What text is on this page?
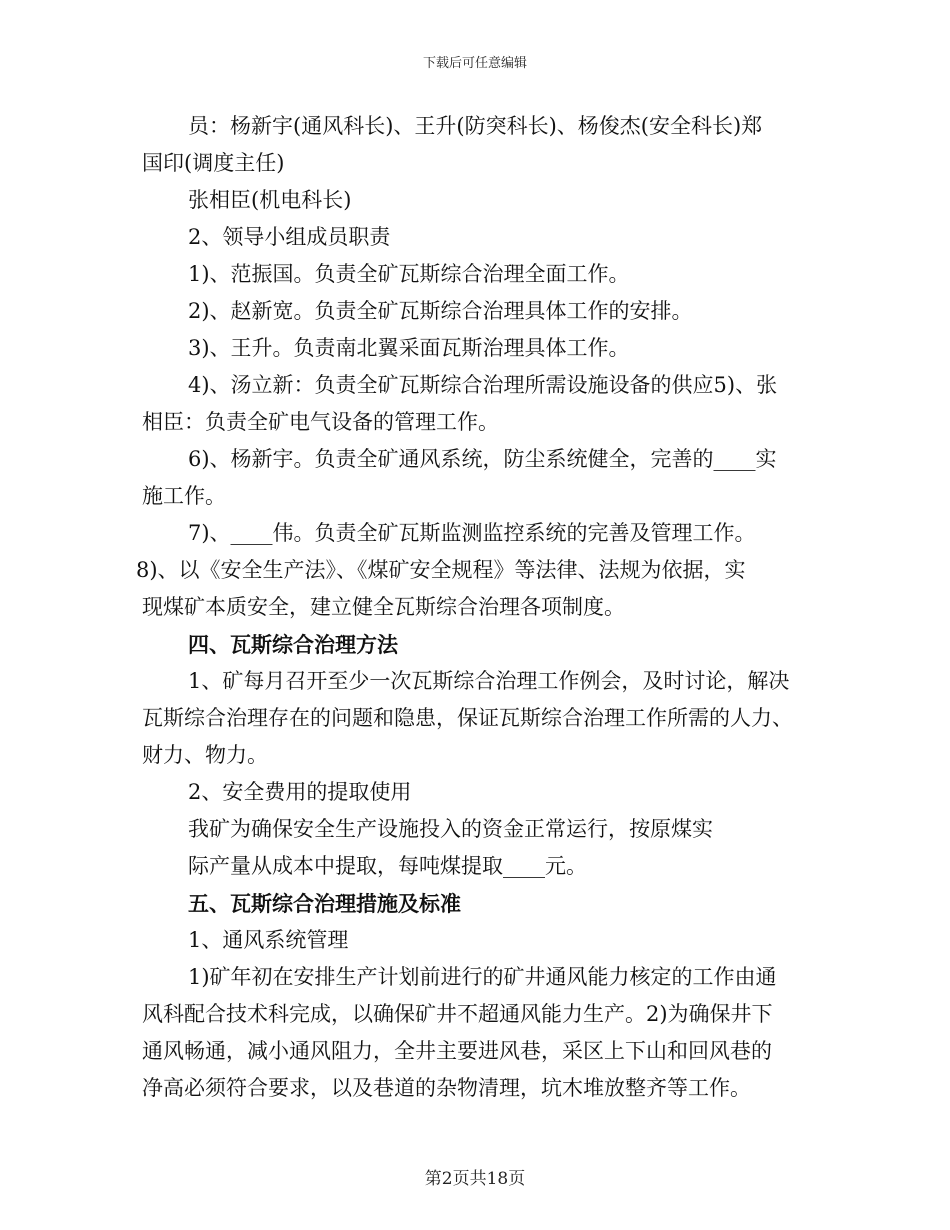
下载后可任意编辑

员：杨新宇(通风科长)、王升(防突科长)、杨俊杰(安全科长)郑

国印(调度主任)

张相臣(机电科长)

2、领导小组成员职责

1)、范振国。负责全矿瓦斯综合治理全面工作。

2)、赵新宽。负责全矿瓦斯综合治理具体工作的安排。

3)、王升。负责南北翼采面瓦斯治理具体工作。

4)、汤立新：负责全矿瓦斯综合治理所需设施设备的供应5)、张

相臣：负责全矿电气设备的管理工作。

6)、杨新宇。负责全矿通风系统，防尘系统健全，完善的____实

施工作。

7)、____伟。负责全矿瓦斯监测监控系统的完善及管理工作。

8)、以《安全生产法》、《煤矿安全规程》等法律、法规为依据，实

现煤矿本质安全，建立健全瓦斯综合治理各项制度。

四、瓦斯综合治理方法

1、矿每月召开至少一次瓦斯综合治理工作例会，及时讨论，解决

瓦斯综合治理存在的问题和隐患，保证瓦斯综合治理工作所需的人力、

财力、物力。

2、安全费用的提取使用

我矿为确保安全生产设施投入的资金正常运行，按原煤实

际产量从成本中提取，每吨煤提取____元。

五、瓦斯综合治理措施及标准

1、通风系统管理

1)矿年初在安排生产计划前进行的矿井通风能力核定的工作由通

风科配合技术科完成，以确保矿井不超通风能力生产。2)为确保井下

通风畅通，减小通风阻力，全井主要进风巷，采区上下山和回风巷的

净高必须符合要求，以及巷道的杂物清理，坑木堆放整齐等工作。

第2页共18页
